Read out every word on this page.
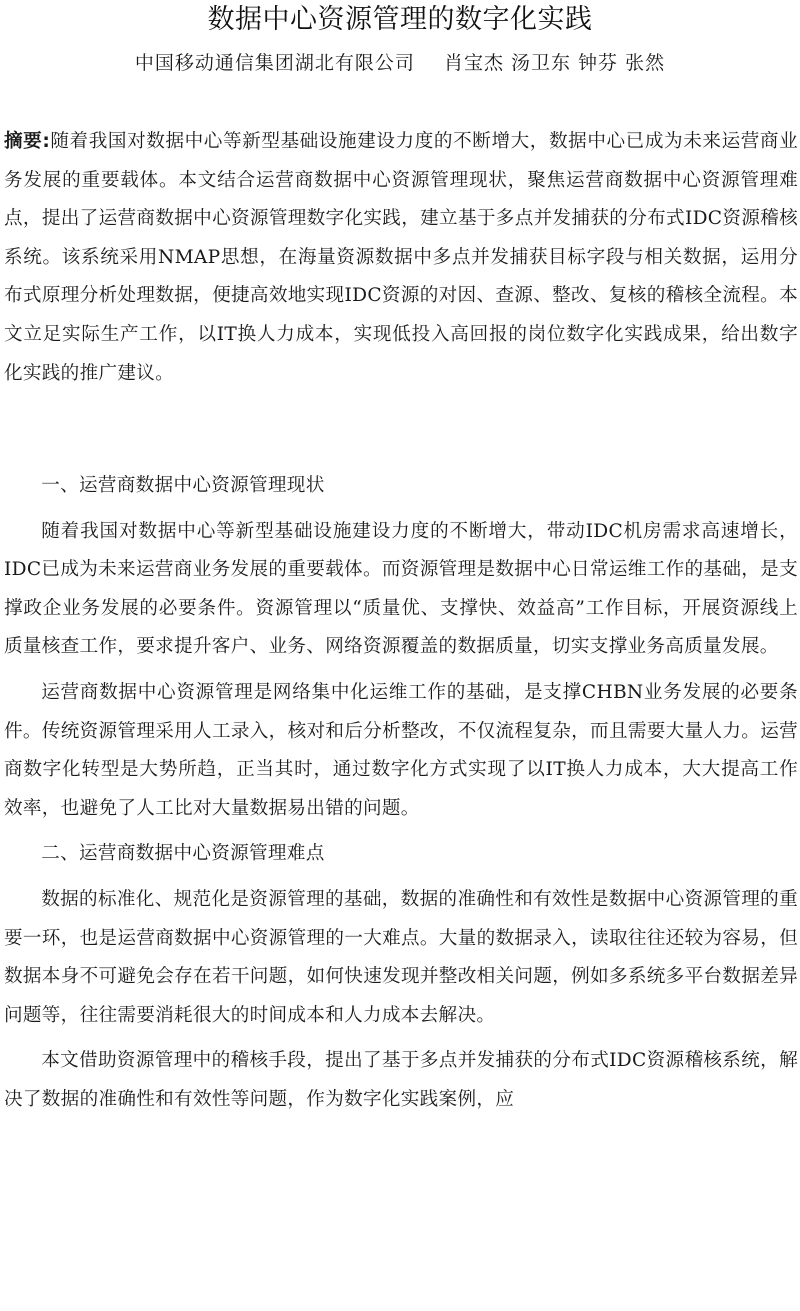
数据中心资源管理的数字化实践
中国移动通信集团湖北有限公司 肖宝杰 汤卫东 钟芬 张然

摘要:随着我国对数据中心等新型基础设施建设力度的不断增大，数据中心已成为未来运营商业务发展的重要载体。本文结合运营商数据中心资源管理现状，聚焦运营商数据中心资源管理难点，提出了运营商数据中心资源管理数字化实践，建立基于多点并发捕获的分布式IDC资源稽核系统。该系统采用NMAP思想，在海量资源数据中多点并发捕获目标字段与相关数据，运用分布式原理分析处理数据，便捷高效地实现IDC资源的对因、查源、整改、复核的稽核全流程。本文立足实际生产工作，以IT换人力成本，实现低投入高回报的岗位数字化实践成果，给出数字化实践的推广建议。

一、运营商数据中心资源管理现状

随着我国对数据中心等新型基础设施建设力度的不断增大，带动IDC机房需求高速增长，IDC已成为未来运营商业务发展的重要载体。而资源管理是数据中心日常运维工作的基础，是支撑政企业务发展的必要条件。资源管理以“质量优、支撑快、效益高”工作目标，开展资源线上质量核查工作，要求提升客户、业务、网络资源覆盖的数据质量，切实支撑业务高质量发展。

运营商数据中心资源管理是网络集中化运维工作的基础，是支撑CHBN业务发展的必要条件。传统资源管理采用人工录入，核对和后分析整改，不仅流程复杂，而且需要大量人力。运营商数字化转型是大势所趋，正当其时，通过数字化方式实现了以IT换人力成本，大大提高工作效率，也避免了人工比对大量数据易出错的问题。

二、运营商数据中心资源管理难点

数据的标准化、规范化是资源管理的基础，数据的准确性和有效性是数据中心资源管理的重要一环，也是运营商数据中心资源管理的一大难点。大量的数据录入，读取往往还较为容易，但数据本身不可避免会存在若干问题，如何快速发现并整改相关问题，例如多系统多平台数据差异问题等，往往需要消耗很大的时间成本和人力成本去解决。

本文借助资源管理中的稽核手段，提出了基于多点并发捕获的分布式IDC资源稽核系统，解决了数据的准确性和有效性等问题，作为数字化实践案例，应
